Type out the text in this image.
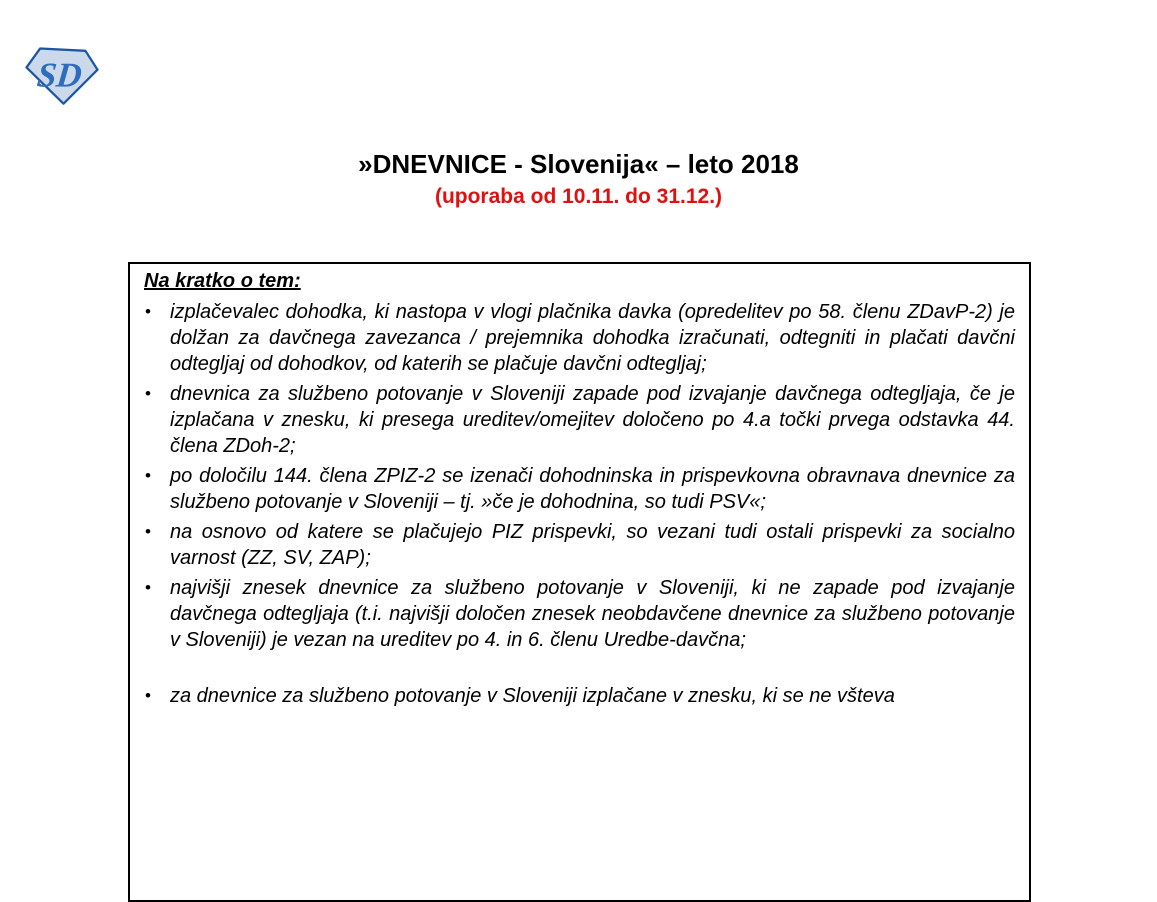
SD
»DNEVNICE - Slovenija« – leto 2018
(uporaba od 10.11. do 31.12.)
Na kratko o tem:
• izplačevalec dohodka, ki nastopa v vlogi plačnika davka (opredelitev po 58. členu ZDavP-2) je dolžan za davčnega zavezanca / prejemnika dohodka izračunati, odtegniti in plačati davčni odtegljaj od dohodkov, od katerih se plačuje davčni odtegljaj;
• dnevnica za službeno potovanje v Sloveniji zapade pod izvajanje davčnega odtegljaja, če je izplačana v znesku, ki presega ureditev/omejitev določeno po 4.a točki prvega odstavka 44. člena ZDoh-2;
• po določilu 144. člena ZPIZ-2 se izenači dohodninska in prispevkovna obravnava dnevnice za službeno potovanje v Sloveniji – tj. »če je dohodnina, so tudi PSV«;
• na osnovo od katere se plačujejo PIZ prispevki, so vezani tudi ostali prispevki za socialno varnost (ZZ, SV, ZAP);
• najvišji znesek dnevnice za službeno potovanje v Sloveniji, ki ne zapade pod izvajanje davčnega odtegljaja (t.i. najvišji določen znesek neobdavčene dnevnice za službeno potovanje v Sloveniji) je vezan na ureditev po 4. in 6. členu Uredbe-davčna;
• za dnevnice za službeno potovanje v Sloveniji izplačane v znesku, ki se ne všteva
